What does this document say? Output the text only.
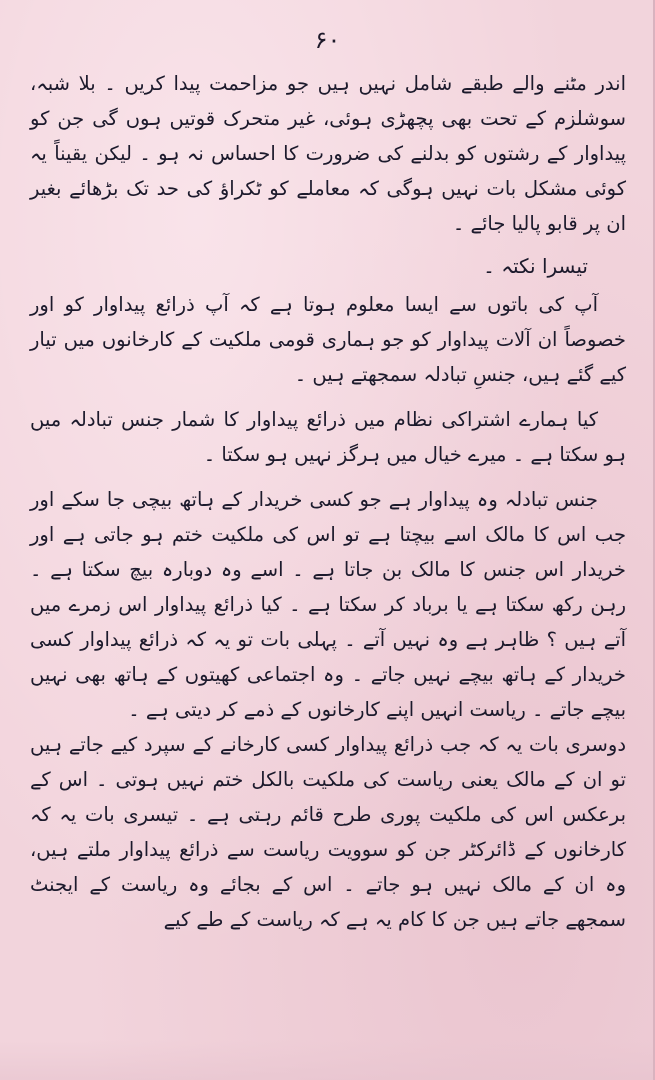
۶۰

اندر مٹنے والے طبقے شامل نہیں ہیں جو مزاحمت پیدا کریں ۔ بلا شبہ، سوشلزم کے تحت بھی پچھڑی ہوئی، غیر متحرک قوتیں ہوں گی جن کو پیداوار کے رشتوں کو بدلنے کی ضرورت کا احساس نہ ہو ۔ لیکن یقیناً یہ کوئی مشکل بات نہیں ہوگی کہ معاملے کو ٹکراؤ کی حد تک بڑھائے بغیر ان پر قابو پالیا جائے ۔

تیسرا نکتہ ۔

آپ کی باتوں سے ایسا معلوم ہوتا ہے کہ آپ ذرائع پیداوار کو اور خصوصاً ان آلات پیداوار کو جو ہماری قومی ملکیت کے کارخانوں میں تیار کیے گئے ہیں، جنسِ تبادلہ سمجھتے ہیں ۔

کیا ہمارے اشتراکی نظام میں ذرائع پیداوار کا شمار جنس تبادلہ میں ہو سکتا ہے ۔ میرے خیال میں ہرگز نہیں ہو سکتا ۔

جنس تبادلہ وہ پیداوار ہے جو کسی خریدار کے ہاتھ بیچی جا سکے اور جب اس کا مالک اسے بیچتا ہے تو اس کی ملکیت ختم ہو جاتی ہے اور خریدار اس جنس کا مالک بن جاتا ہے ۔ اسے وہ دوبارہ بیچ سکتا ہے ۔ رہن رکھ سکتا ہے یا برباد کر سکتا ہے ۔ کیا ذرائع پیداوار اس زمرے میں آتے ہیں ؟ ظاہر ہے وہ نہیں آتے ۔ پہلی بات تو یہ کہ ذرائع پیداوار کسی خریدار کے ہاتھ بیچے نہیں جاتے ۔ وہ اجتماعی کھیتوں کے ہاتھ بھی نہیں بیچے جاتے ۔ ریاست انہیں اپنے کارخانوں کے ذمے کر دیتی ہے ۔

دوسری بات یہ کہ جب ذرائع پیداوار کسی کارخانے کے سپرد کیے جاتے ہیں تو ان کے مالک یعنی ریاست کی ملکیت بالکل ختم نہیں ہوتی ۔ اس کے برعکس اس کی ملکیت پوری طرح قائم رہتی ہے ۔ تیسری بات یہ کہ کارخانوں کے ڈائرکٹر جن کو سوویت ریاست سے ذرائع پیداوار ملتے ہیں، وہ ان کے مالک نہیں ہو جاتے ۔ اس کے بجائے وہ ریاست کے ایجنٹ سمجھے جاتے ہیں جن کا کام یہ ہے کہ ریاست کے طے کیے
